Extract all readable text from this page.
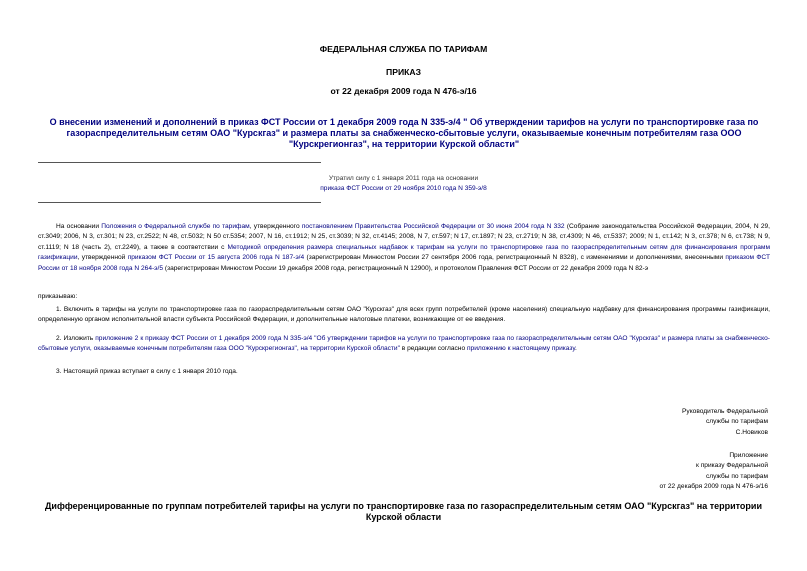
ФЕДЕРАЛЬНАЯ СЛУЖБА ПО ТАРИФАМ
ПРИКАЗ
от 22 декабря 2009 года N 476-э/16
О внесении изменений и дополнений в приказ ФСТ России от 1 декабря 2009 года N 335-э/4 " Об утверждении тарифов на услуги по транспортировке газа по газораспределительным сетям ОАО "Курскгаз" и размера платы за снабженческо-сбытовые услуги, оказываемые конечным потребителям газа ООО "Курскрегионгаз", на территории Курской области"
Утратил силу с 1 января 2011 года на основании
приказа ФСТ России от 29 ноября 2010 года N 359-э/8
На основании Положения о Федеральной службе по тарифам, утвержденного постановлением Правительства Российской Федерации от 30 июня 2004 года N 332 (Собрание законодательства Российской Федерации, 2004, N 29, ст.3049; 2006, N 3, ст.301; N 23, ст.2522; N 48, ст.5032; N 50 ст.5354; 2007, N 16, ст.1912; N 25, ст.3039; N 32, ст.4145; 2008, N 7, ст.597; N 17, ст.1897; N 23, ст.2719; N 38, ст.4309; N 46, ст.5337; 2009; N 1, ст.142; N 3, ст.378; N 6, ст.738; N 9, ст.1119; N 18 (часть 2), ст.2249), а также в соответствии с Методикой определения размера специальных надбавок к тарифам на услуги по транспортировке газа по газораспределительным сетям для финансирования программ газификации, утвержденной приказом ФСТ России от 15 августа 2006 года N 187-э/4 (зарегистрирован Минюстом России 27 сентября 2006 года, регистрационный N 8328), с изменениями и дополнениями, внесенными приказом ФСТ России от 18 ноября 2008 года N 264-э/5 (зарегистрирован Минюстом России 19 декабря 2008 года, регистрационный N 12900), и протоколом Правления ФСТ России от 22 декабря 2009 года N 82-э
приказываю:
1. Включить в тарифы на услуги по транспортировке газа по газораспределительным сетям ОАО "Курскгаз" для всех групп потребителей (кроме населения) специальную надбавку для финансирования программы газификации, определенную органом исполнительной власти субъекта Российской Федерации, и дополнительные налоговые платежи, возникающие от ее введения.
2. Изложить приложение 2 к приказу ФСТ России от 1 декабря 2009 года N 335-э/4 "Об утверждении тарифов на услуги по транспортировке газа по газораспределительным сетям ОАО "Курскгаз" и размера платы за снабженческо-сбытовые услуги, оказываемые конечным потребителям газа ООО "Курскрегионгаз", на территории Курской области" в редакции согласно приложению к настоящему приказу.
3. Настоящий приказ вступает в силу с 1 января 2010 года.
Руководитель Федеральной
службы по тарифам
С.Новиков
Приложение
к приказу Федеральной
службы по тарифам
от 22 декабря 2009 года N 476-э/16
Дифференцированные по группам потребителей тарифы на услуги по транспортировке газа по газораспределительным сетям ОАО "Курскгаз" на территории Курской области
